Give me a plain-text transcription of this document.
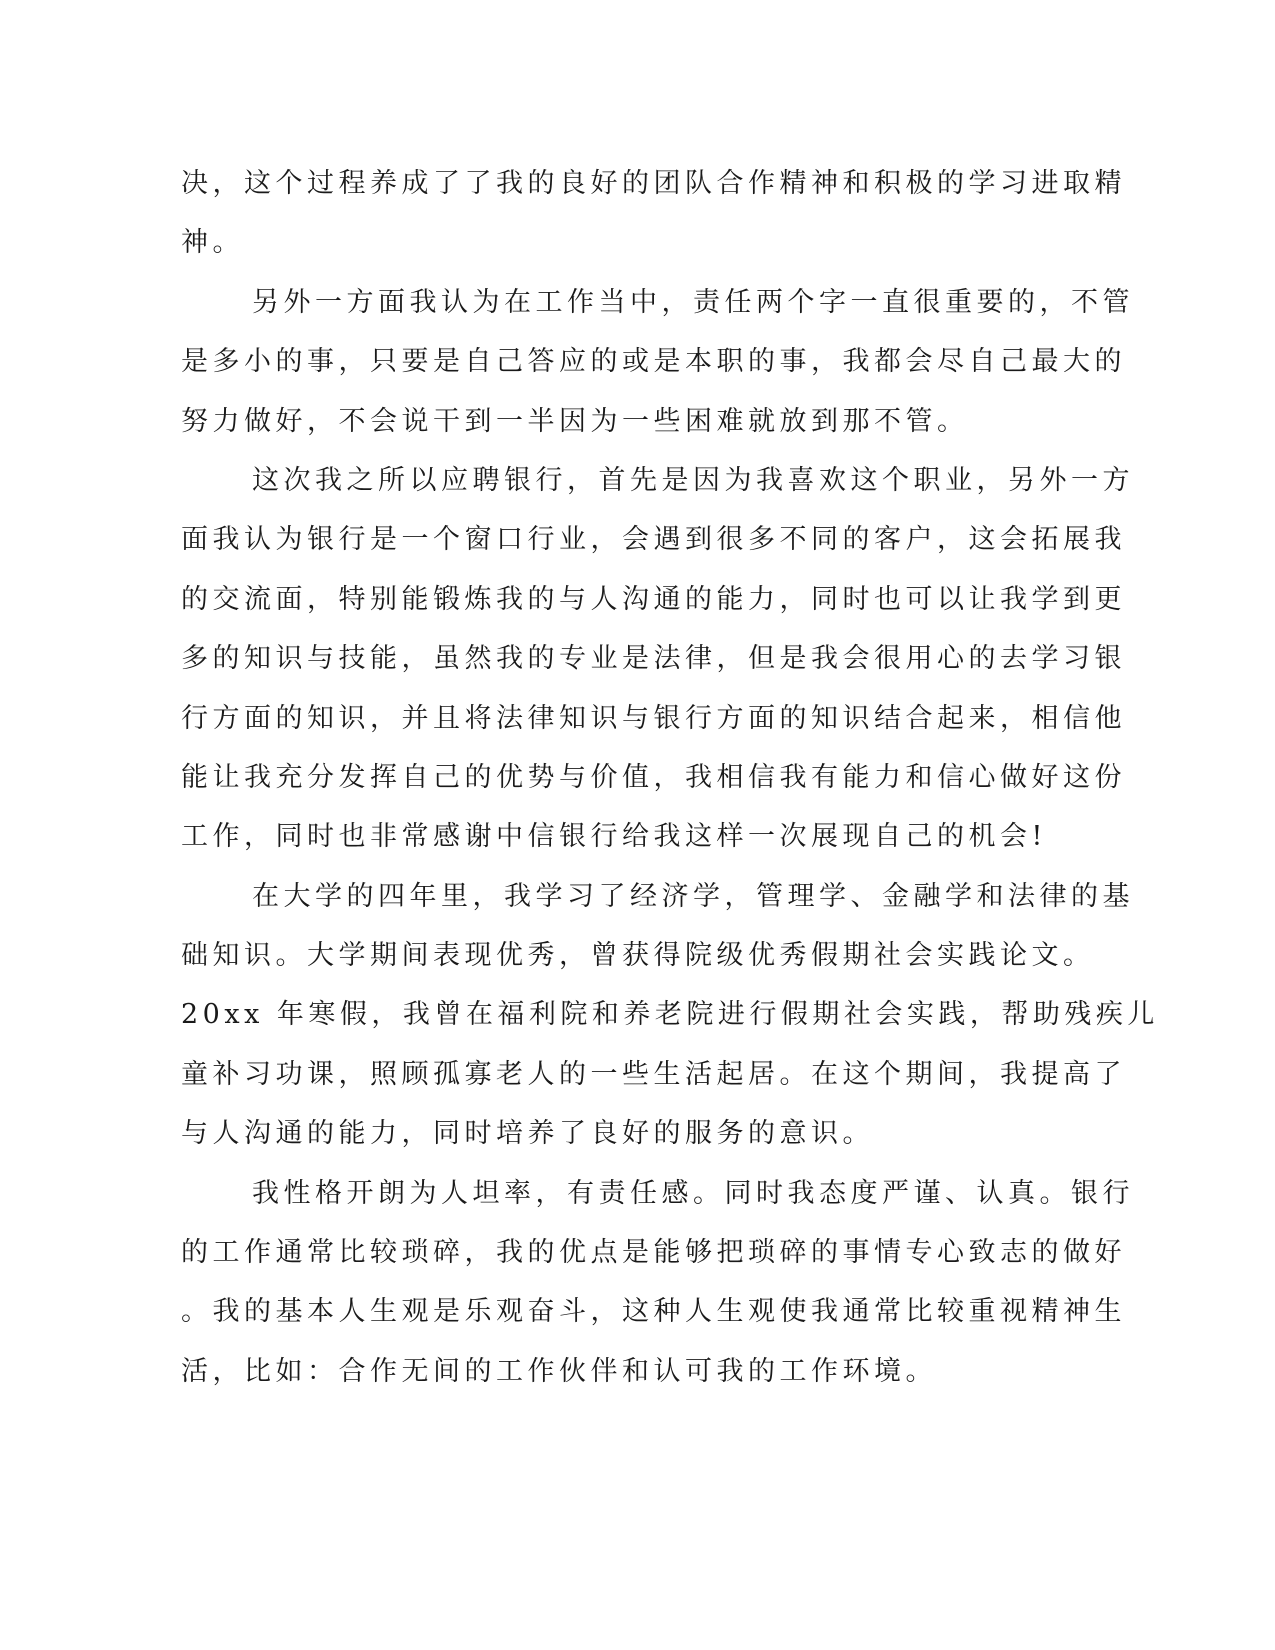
决，这个过程养成了了我的良好的团队合作精神和积极的学习进取精
神。
另外一方面我认为在工作当中，责任两个字一直很重要的，不管
是多小的事，只要是自己答应的或是本职的事，我都会尽自己最大的
努力做好，不会说干到一半因为一些困难就放到那不管。
这次我之所以应聘银行，首先是因为我喜欢这个职业，另外一方
面我认为银行是一个窗口行业，会遇到很多不同的客户，这会拓展我
的交流面，特别能锻炼我的与人沟通的能力，同时也可以让我学到更
多的知识与技能，虽然我的专业是法律，但是我会很用心的去学习银
行方面的知识，并且将法律知识与银行方面的知识结合起来，相信他
能让我充分发挥自己的优势与价值，我相信我有能力和信心做好这份
工作，同时也非常感谢中信银行给我这样一次展现自己的机会!
在大学的四年里，我学习了经济学，管理学、金融学和法律的基
础知识。大学期间表现优秀，曾获得院级优秀假期社会实践论文。
20xx 年寒假，我曾在福利院和养老院进行假期社会实践，帮助残疾儿
童补习功课，照顾孤寡老人的一些生活起居。在这个期间，我提高了
与人沟通的能力，同时培养了良好的服务的意识。
我性格开朗为人坦率，有责任感。同时我态度严谨、认真。银行
的工作通常比较琐碎，我的优点是能够把琐碎的事情专心致志的做好
。我的基本人生观是乐观奋斗，这种人生观使我通常比较重视精神生
活，比如：合作无间的工作伙伴和认可我的工作环境。
